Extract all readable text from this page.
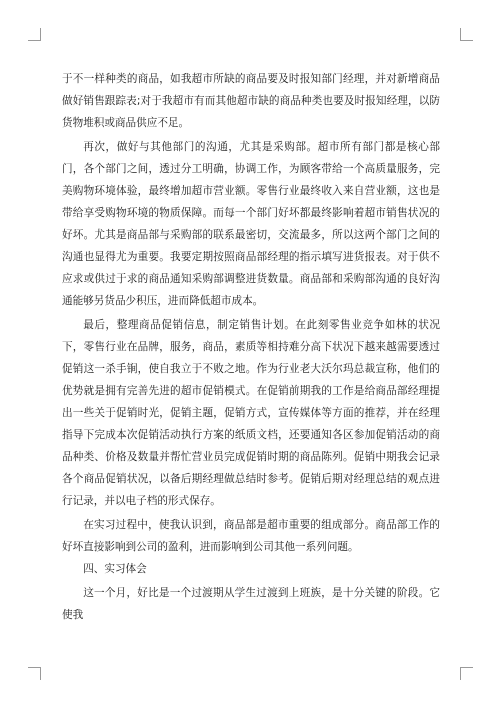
于不一样种类的商品，如我超市所缺的商品要及时报知部门经理，并对新增商品做好销售跟踪表;对于我超市有而其他超市缺的商品种类也要及时报知经理，以防货物堆积或商品供应不足。

再次，做好与其他部门的沟通，尤其是采购部。超市所有部门都是核心部门，各个部门之间，透过分工明确，协调工作，为顾客带给一个高质量服务，完美购物环境体验，最终增加超市营业额。零售行业最终收入来自营业额，这也是带给享受购物环境的物质保障。而每一个部门好坏都最终影响着超市销售状况的好坏。尤其是商品部与采购部的联系最密切，交流最多，所以这两个部门之间的沟通也显得尤为重要。我要定期按照商品部经理的指示填写进货报表。对于供不应求或供过于求的商品通知采购部调整进货数量。商品部和采购部沟通的良好沟通能够另货品少积压，进而降低超市成本。

最后，整理商品促销信息，制定销售计划。在此刻零售业竞争如林的状况下，零售行业在品牌，服务，商品，素质等相持难分高下状况下越来越需要透过促销这一杀手锏，使自我立于不败之地。作为行业老大沃尔玛总裁宣称，他们的优势就是拥有完善先进的超市促销模式。在促销前期我的工作是给商品部经理提出一些关于促销时光，促销主题，促销方式，宣传媒体等方面的推荐，并在经理指导下完成本次促销活动执行方案的纸质文档，还要通知各区参加促销活动的商品种类、价格及数量并帮忙营业员完成促销时期的商品陈列。促销中期我会记录各个商品促销状况，以备后期经理做总结时参考。促销后期对经理总结的观点进行记录，并以电子档的形式保存。

在实习过程中，使我认识到，商品部是超市重要的组成部分。商品部工作的好坏直接影响到公司的盈利，进而影响到公司其他一系列问题。

四、实习体会

这一个月，好比是一个过渡期从学生过渡到上班族，是十分关键的阶段。它使我
